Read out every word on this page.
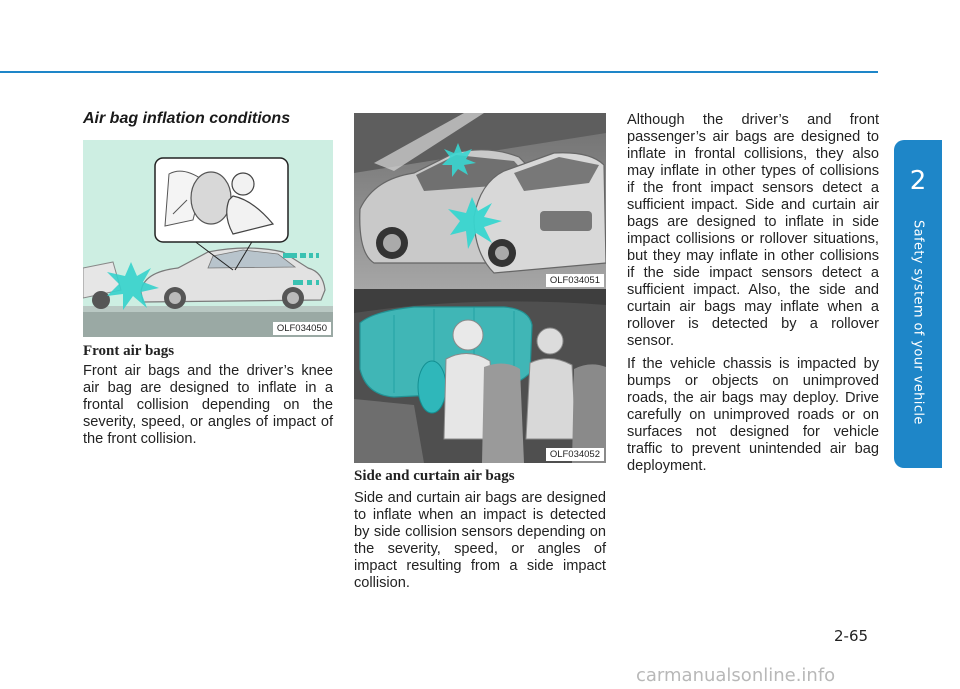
2
Safety system of your vehicle
Air bag inflation conditions
OLF034050
Front air bags

Front air bags and the driver’s knee air bag are designed to inflate in a frontal collision depending on the severity, speed, or angles of impact of the front collision.

OLF034051
OLF034052
Side and curtain air bags

Side and curtain air bags are designed to inflate when an impact is detected by side collision sensors depending on the severity, speed, or angles of impact resulting from a side impact collision.

Although the driver’s and front passenger’s air bags are designed to inflate in frontal collisions, they also may inflate in other types of collisions if the front impact sensors detect a sufficient impact. Side and curtain air bags are designed to inflate in side impact collisions or rollover situations, but they may inflate in other collisions if the side impact sensors detect a sufficient impact. Also, the side and curtain air bags may inflate when a rollover is detected by a rollover sensor.

If the vehicle chassis is impacted by bumps or objects on unimproved roads, the air bags may deploy. Drive carefully on unimproved roads or on surfaces not designed for vehicle traffic to prevent unintended air bag deployment.

2-65
carmanualsonline.info
